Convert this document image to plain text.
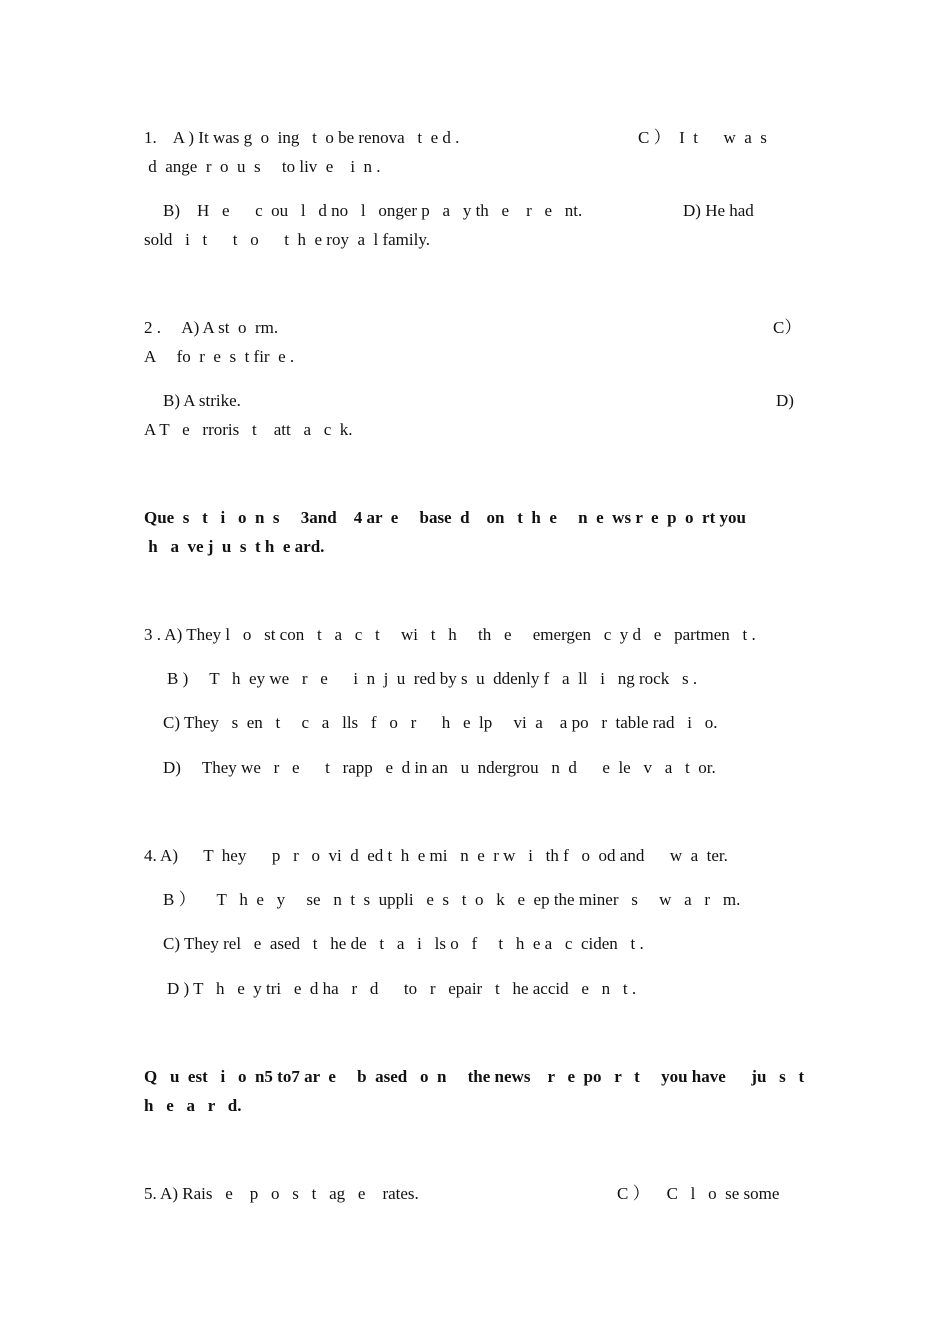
1.    A ) It was g  o  ing   t  o be renova   t  e d .	C ）  I  t      w  a  s
d  ange  r  o  u  s     to liv  e    i  n .
B)    H   e      c  ou   l   d no   l   onger p   a   y th   e    r   e   nt.	D) He had
sold   i   t      t   o      t  h  e roy  a  l family.
2 .     A) A st  o  rm.	C）
A     fo  r  e  s  t fir  e .
B) A strike.	D)
A T   e   rroris   t    att   a   c  k.
Que  s   t   i   o  n  s     3and    4 ar  e     base  d    on   t  h  e     n  e  ws r  e  p  o  rt you
h   a  ve j  u  s  t h  e ard.
3 . A) They l   o   st con   t   a   c   t     wi   t   h     th   e     emergen   c  y d   e   partmen   t .
B )     T   h  ey we   r   e      i  n  j  u  red by s  u  ddenly f   a  ll   i   ng rock   s .
C) They   s  en   t     c   a   lls   f   o   r      h   e  lp     vi  a    a po   r  table rad   i   o.
D)     They we   r   e      t   rapp   e  d in an   u  ndergrou   n  d      e  le   v   a   t  or.
4. A)      T  hey      p   r   o  vi  d  ed t  h  e mi   n  e  r w   i   th f   o  od and      w  a  ter.
B ）     T   h  e   y     se   n  t  s  uppli   e  s   t  o   k   e  ep the miner   s     w   a   r   m.
C) They rel   e  ased   t   he de   t   a   i   ls o   f     t   h  e a   c  ciden   t .
D ) T   h   e  y tri   e  d ha   r   d      to   r   epair   t   he accid   e   n   t .
Q   u  est   i   o  n5 to7 ar  e     b  ased   o  n     the news    r   e  po   r   t     you have      ju   s   t
h   e   a   r   d.
5. A) Rais   e    p   o   s   t   ag   e    rates.	C ）    C   l   o  se some
